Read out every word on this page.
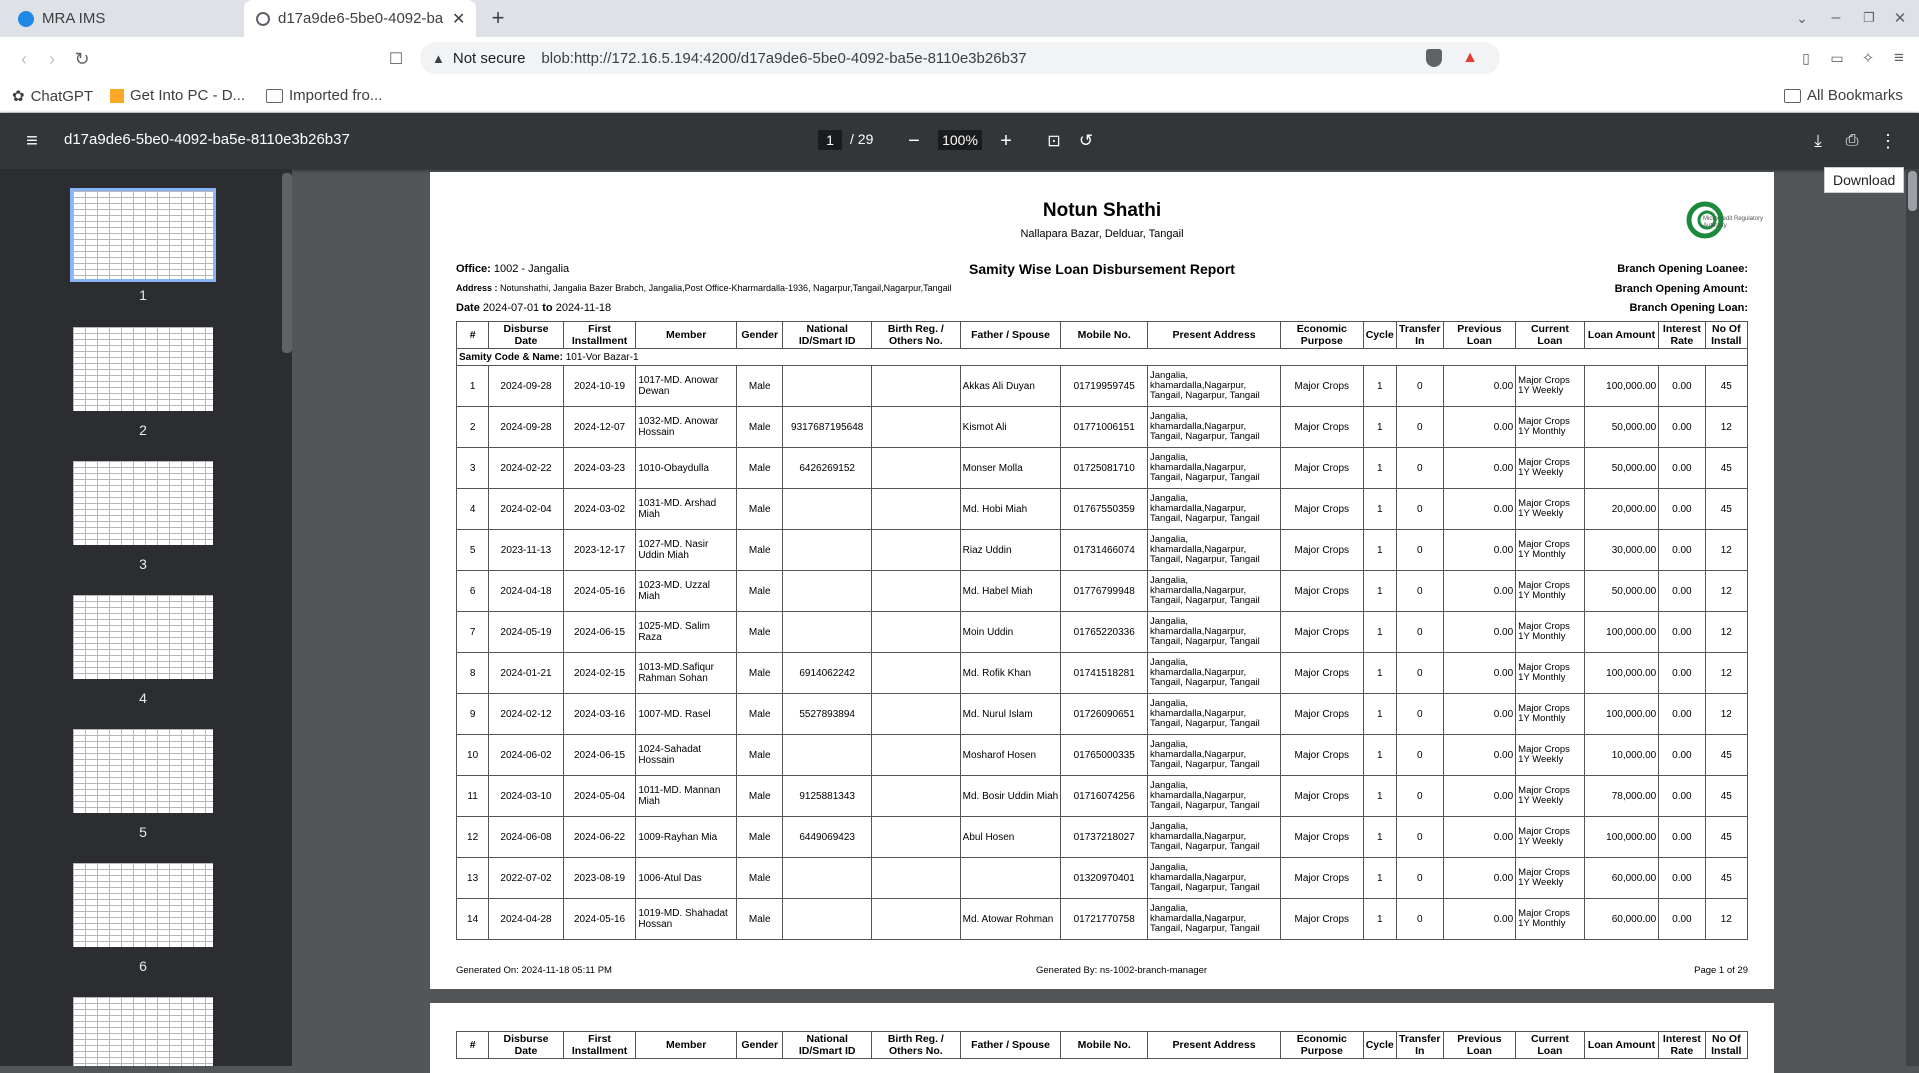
MRA IMS	d17a9de6-5be0-4092-ba ✕ +	⌄	–	❐ ✕
‹	›	↻	☐	▲ Not secure blob:http://172.16.5.194:4200/d17a9de6-5be0-4092-ba5e-8110e3b26b37	▲	▯	▭ ✧ ≡
✿ ChatGPT Get Into PC - D...	Imported fro...	All Bookmarks
≡	d17a9de6-5be0-4092-ba5e-8110e3b26b37	1	/ 29	−	100%	+	⊡	↺	⤓	⎙	⋮
Download
1
2
3
4
5
6
Notun Shathi
Nallapara Bazar, Delduar, Tangail
Microcredit Regulatory Authority
Office: 1002 - Jangalia	Samity Wise Loan Disbursement Report	Branch Opening Loanee:
Address : Notunshathi, Jangalia Bazer Brabch, Jangalia,Post Office-Kharmardalla-1936, Nagarpur,Tangail,Nagarpur,Tangail	Branch Opening Amount:
Date 2024-07-01 to 2024-11-18	Branch Opening Loan:
#	Disburse Date	First Installment	Member	Gender	National ID/Smart ID	Birth Reg. / Others No.	Father / Spouse	Mobile No.	Present Address	Economic Purpose	Cycle	Transfer In	Previous Loan	Current Loan	Loan Amount	Interest Rate	No Of Install
Samity Code & Name: 101-Vor Bazar-1																	
1	2024-09-28	2024-10-19	1017-MD. Anowar Dewan	Male			Akkas Ali Duyan	01719959745	Jangalia, khamardalla,Nagarpur, Tangail, Nagarpur, Tangail	Major Crops	1	0	0.00	Major Crops 1Y Weekly	100,000.00	0.00	45
2	2024-09-28	2024-12-07	1032-MD. Anowar Hossain	Male	9317687195648		Kismot Ali	01771006151	Jangalia, khamardalla,Nagarpur, Tangail, Nagarpur, Tangail	Major Crops	1	0	0.00	Major Crops 1Y Monthly	50,000.00	0.00	12
3	2024-02-22	2024-03-23	1010-Obaydulla	Male	6426269152		Monser Molla	01725081710	Jangalia, khamardalla,Nagarpur, Tangail, Nagarpur, Tangail	Major Crops	1	0	0.00	Major Crops 1Y Weekly	50,000.00	0.00	45
4	2024-02-04	2024-03-02	1031-MD. Arshad Miah	Male			Md. Hobi Miah	01767550359	Jangalia, khamardalla,Nagarpur, Tangail, Nagarpur, Tangail	Major Crops	1	0	0.00	Major Crops 1Y Weekly	20,000.00	0.00	45
5	2023-11-13	2023-12-17	1027-MD. Nasir Uddin Miah	Male			Riaz Uddin	01731466074	Jangalia, khamardalla,Nagarpur, Tangail, Nagarpur, Tangail	Major Crops	1	0	0.00	Major Crops 1Y Monthly	30,000.00	0.00	12
6	2024-04-18	2024-05-16	1023-MD. Uzzal Miah	Male			Md. Habel Miah	01776799948	Jangalia, khamardalla,Nagarpur, Tangail, Nagarpur, Tangail	Major Crops	1	0	0.00	Major Crops 1Y Monthly	50,000.00	0.00	12
7	2024-05-19	2024-06-15	1025-MD. Salim Raza	Male			Moin Uddin	01765220336	Jangalia, khamardalla,Nagarpur, Tangail, Nagarpur, Tangail	Major Crops	1	0	0.00	Major Crops 1Y Monthly	100,000.00	0.00	12
8	2024-01-21	2024-02-15	1013-MD.Safiqur Rahman Sohan	Male	6914062242		Md. Rofik Khan	01741518281	Jangalia, khamardalla,Nagarpur, Tangail, Nagarpur, Tangail	Major Crops	1	0	0.00	Major Crops 1Y Monthly	100,000.00	0.00	12
9	2024-02-12	2024-03-16	1007-MD. Rasel	Male	5527893894		Md. Nurul Islam	01726090651	Jangalia, khamardalla,Nagarpur, Tangail, Nagarpur, Tangail	Major Crops	1	0	0.00	Major Crops 1Y Monthly	100,000.00	0.00	12
10	2024-06-02	2024-06-15	1024-Sahadat Hossain	Male			Mosharof Hosen	01765000335	Jangalia, khamardalla,Nagarpur, Tangail, Nagarpur, Tangail	Major Crops	1	0	0.00	Major Crops 1Y Weekly	10,000.00	0.00	45
11	2024-03-10	2024-05-04	1011-MD. Mannan Miah	Male	9125881343		Md. Bosir Uddin Miah	01716074256	Jangalia, khamardalla,Nagarpur, Tangail, Nagarpur, Tangail	Major Crops	1	0	0.00	Major Crops 1Y Weekly	78,000.00	0.00	45
12	2024-06-08	2024-06-22	1009-Rayhan Mia	Male	6449069423		Abul Hosen	01737218027	Jangalia, khamardalla,Nagarpur, Tangail, Nagarpur, Tangail	Major Crops	1	0	0.00	Major Crops 1Y Weekly	100,000.00	0.00	45
13	2022-07-02	2023-08-19	1006-Atul Das	Male				01320970401	Jangalia, khamardalla,Nagarpur, Tangail, Nagarpur, Tangail	Major Crops	1	0	0.00	Major Crops 1Y Weekly	60,000.00	0.00	45
14	2024-04-28	2024-05-16	1019-MD. Shahadat Hossan	Male			Md. Atowar Rohman	01721770758	Jangalia, khamardalla,Nagarpur, Tangail, Nagarpur, Tangail	Major Crops	1	0	0.00	Major Crops 1Y Monthly	60,000.00	0.00	12
Generated On: 2024-11-18 05:11 PM	Generated By: ns-1002-branch-manager	Page 1 of 29
#	Disburse Date	First Installment	Member	Gender	National ID/Smart ID	Birth Reg. / Others No.	Father / Spouse	Mobile No.	Present Address	Economic Purpose	Cycle	Transfer In	Previous Loan	Current Loan	Loan Amount	Interest Rate	No Of Install
